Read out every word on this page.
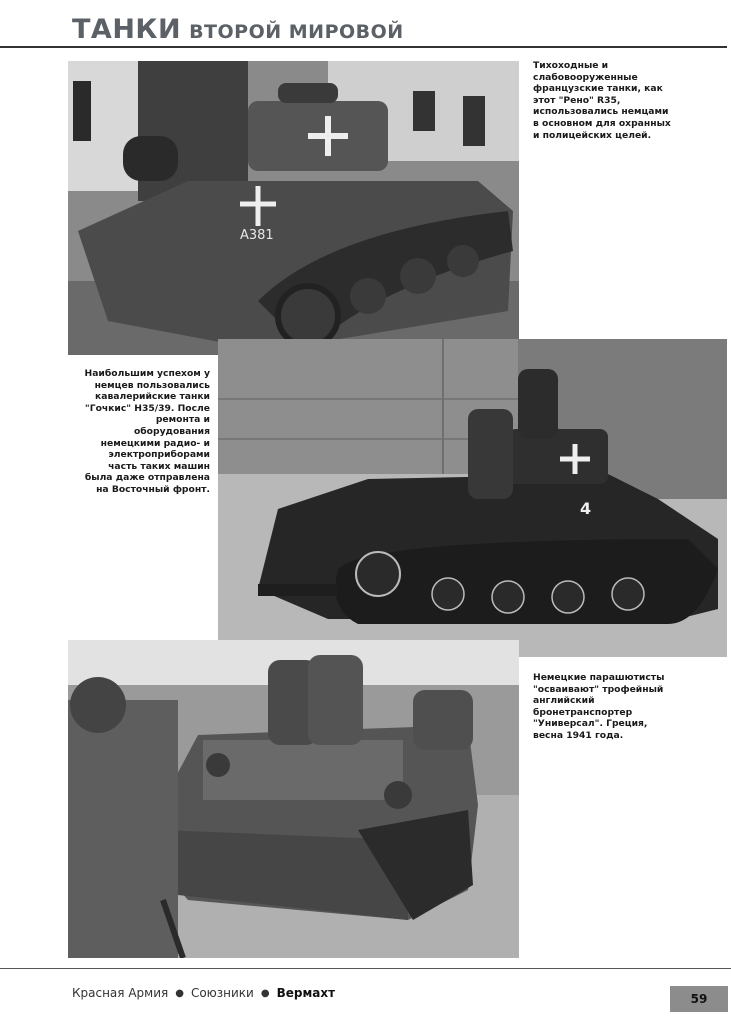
ТАНКИ ВТОРОЙ МИРОВОЙ
А381

Тихоходные и слабовооруженные французские танки, как этот "Рено" R35, использовались немцами в основном для охранных и полицейских целей.

4

Наибольшим успехом у немцев пользовались кавалерийские танки "Гочкис" Н35/39. После ремонта и оборудования немецкими радио- и электроприборами часть таких машин была даже отправлена на Восточный фронт.

Немецкие парашютисты "осваивают" трофейный английский бронетранспортер "Универсал". Греция, весна 1941 года.

Красная Армия ● Союзники ● Вермахт	59
